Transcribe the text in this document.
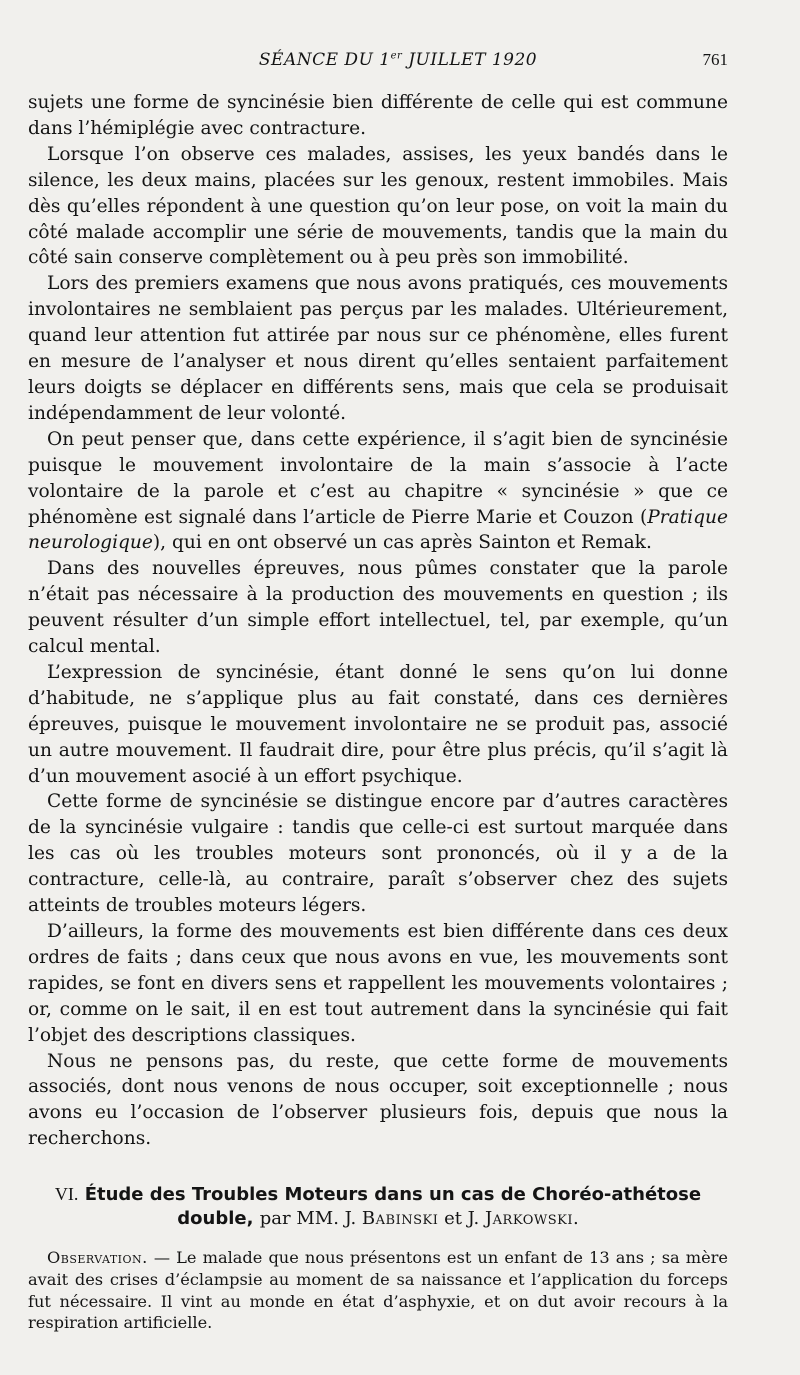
SÉANCE DU 1er JUILLET 1920	761

sujets une forme de syncinésie bien différente de celle qui est commune dans l’hémiplégie avec contracture.

Lorsque l’on observe ces malades, assises, les yeux bandés dans le silence, les deux mains, placées sur les genoux, restent immobiles. Mais dès qu’elles répondent à une question qu’on leur pose, on voit la main du côté malade accomplir une série de mouvements, tandis que la main du côté sain conserve complètement ou à peu près son immobilité.

Lors des premiers examens que nous avons pratiqués, ces mouvements involontaires ne semblaient pas perçus par les malades. Ultérieurement, quand leur attention fut attirée par nous sur ce phénomène, elles furent en mesure de l’analyser et nous dirent qu’elles sentaient parfaitement leurs doigts se déplacer en différents sens, mais que cela se produisait indépendamment de leur volonté.

On peut penser que, dans cette expérience, il s’agit bien de syncinésie puisque le mouvement involontaire de la main s’associe à l’acte volontaire de la parole et c’est au chapitre « syncinésie » que ce phénomène est signalé dans l’article de Pierre Marie et Couzon (Pratique neurologique), qui en ont observé un cas après Sainton et Remak.

Dans des nouvelles épreuves, nous pûmes constater que la parole n’était pas nécessaire à la production des mouvements en question ; ils peuvent résulter d’un simple effort intellectuel, tel, par exemple, qu’un calcul mental.

L’expression de syncinésie, étant donné le sens qu’on lui donne d’habitude, ne s’applique plus au fait constaté, dans ces dernières épreuves, puisque le mouvement involontaire ne se produit pas, associé un autre mouvement. Il faudrait dire, pour être plus précis, qu’il s’agit là d’un mouvement asocié à un effort psychique.

Cette forme de syncinésie se distingue encore par d’autres caractères de la syncinésie vulgaire : tandis que celle-ci est surtout marquée dans les cas où les troubles moteurs sont prononcés, où il y a de la contracture, celle-là, au contraire, paraît s’observer chez des sujets atteints de troubles moteurs légers.

D’ailleurs, la forme des mouvements est bien différente dans ces deux ordres de faits ; dans ceux que nous avons en vue, les mouvements sont rapides, se font en divers sens et rappellent les mouvements volontaires ; or, comme on le sait, il en est tout autrement dans la syncinésie qui fait l’objet des descriptions classiques.

Nous ne pensons pas, du reste, que cette forme de mouvements associés, dont nous venons de nous occuper, soit exceptionnelle ; nous avons eu l’occasion de l’observer plusieurs fois, depuis que nous la recherchons.

VI. Étude des Troubles Moteurs dans un cas de Choréo-athétose
double, par MM. J. Babinski et J. Jarkowski.

Observation. — Le malade que nous présentons est un enfant de 13 ans ; sa mère avait des crises d’éclampsie au moment de sa naissance et l’application du forceps fut nécessaire. Il vint au monde en état d’asphyxie, et on dut avoir recours à la respiration artificielle.
